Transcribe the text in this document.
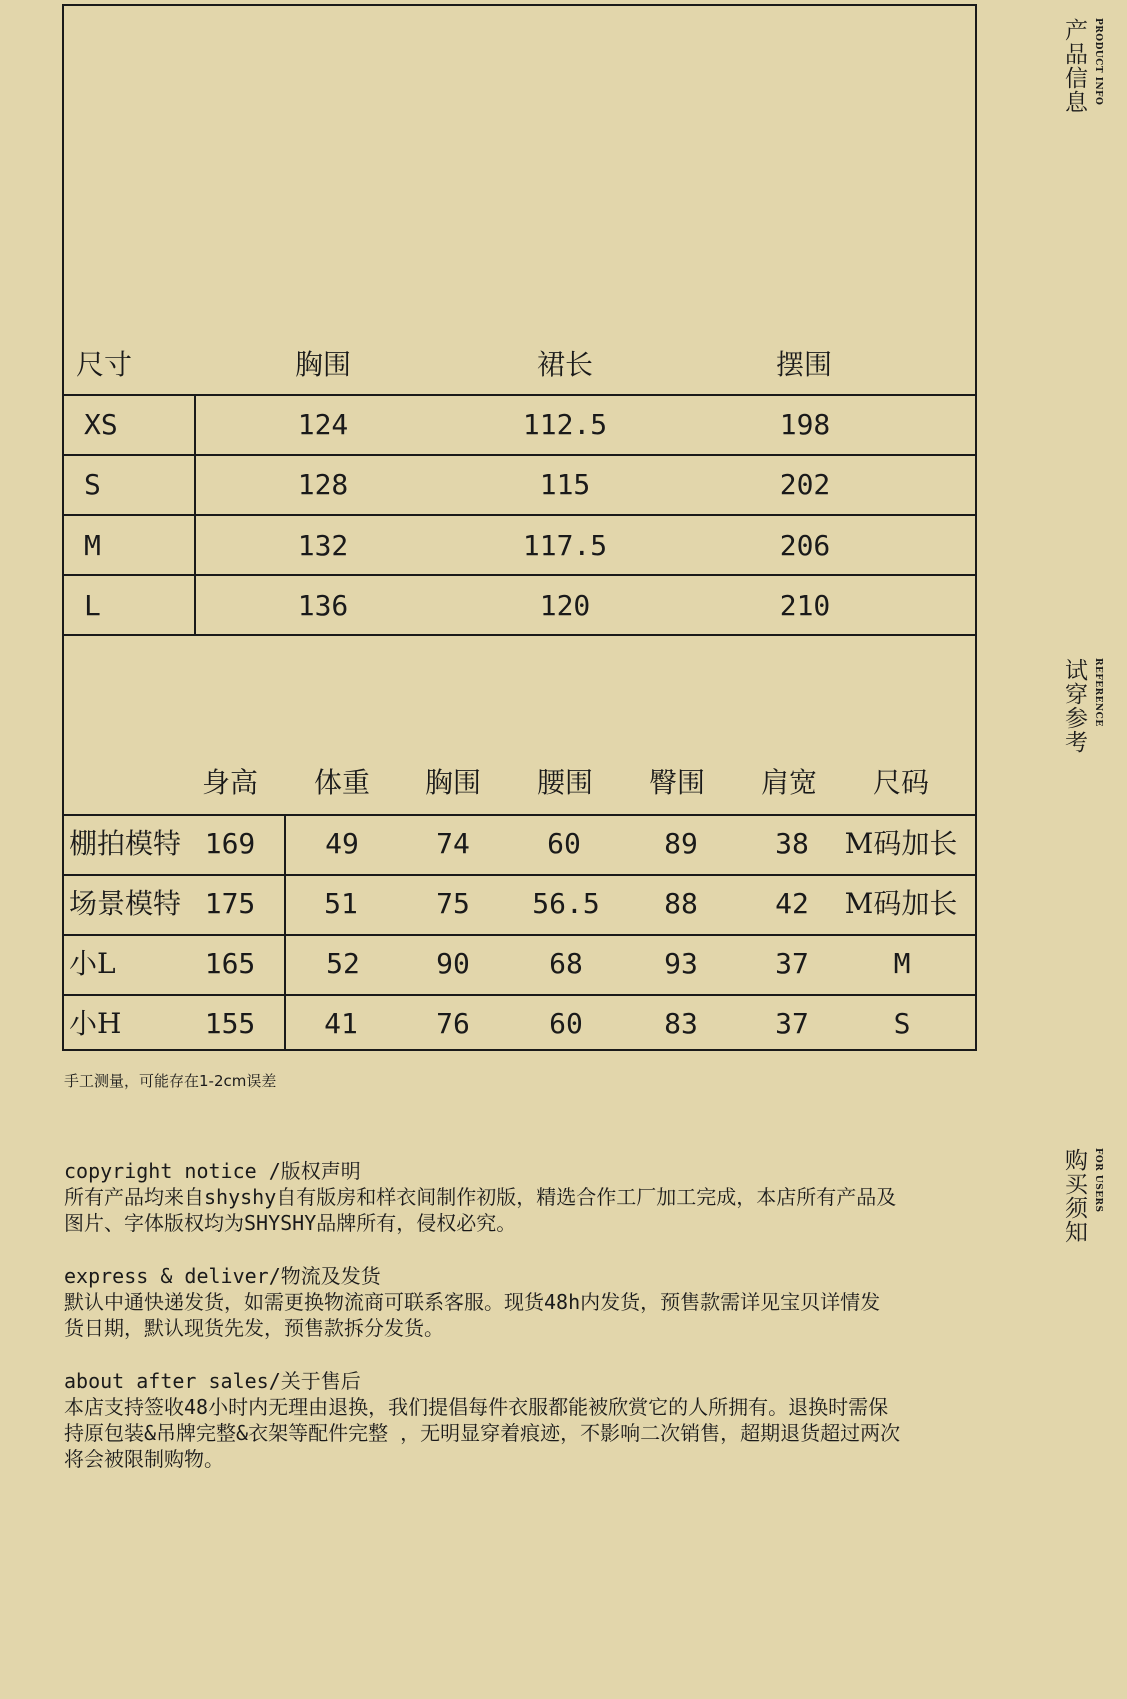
尺寸	胸围	裙长	摆围
XS	124	112.5	198
S	128	115	202
M	132	117.5	206
L	136	120	210
身高 体重 胸围 腰围 臀围 肩宽 尺码
棚拍模特 169 49	74	60	89	38 M码加长
场景模特 175 51	75 56.5 88	42 M码加长
小L	165	52	90	68	93	37	M
小H	155 41	76	60	83	37	S
手工测量，可能存在1-2cm误差
copyright notice /版权声明
所有产品均来自shyshy自有版房和样衣间制作初版，精选合作工厂加工完成，本店所有产品及
图片、字体版权均为SHYSHY品牌所有，侵权必究。
express & deliver/物流及发货
默认中通快递发货，如需更换物流商可联系客服。现货48h内发货，预售款需详见宝贝详情发
货日期，默认现货先发，预售款拆分发货。
about after sales/关于售后
本店支持签收48小时内无理由退换，我们提倡每件衣服都能被欣赏它的人所拥有。退换时需保
持原包装&吊牌完整&衣架等配件完整 ，无明显穿着痕迹，不影响二次销售，超期退货超过两次
将会被限制购物。
产品信息 PRODUCT INFO
试穿参考 REFERENCE
购买须知 FOR USERS
